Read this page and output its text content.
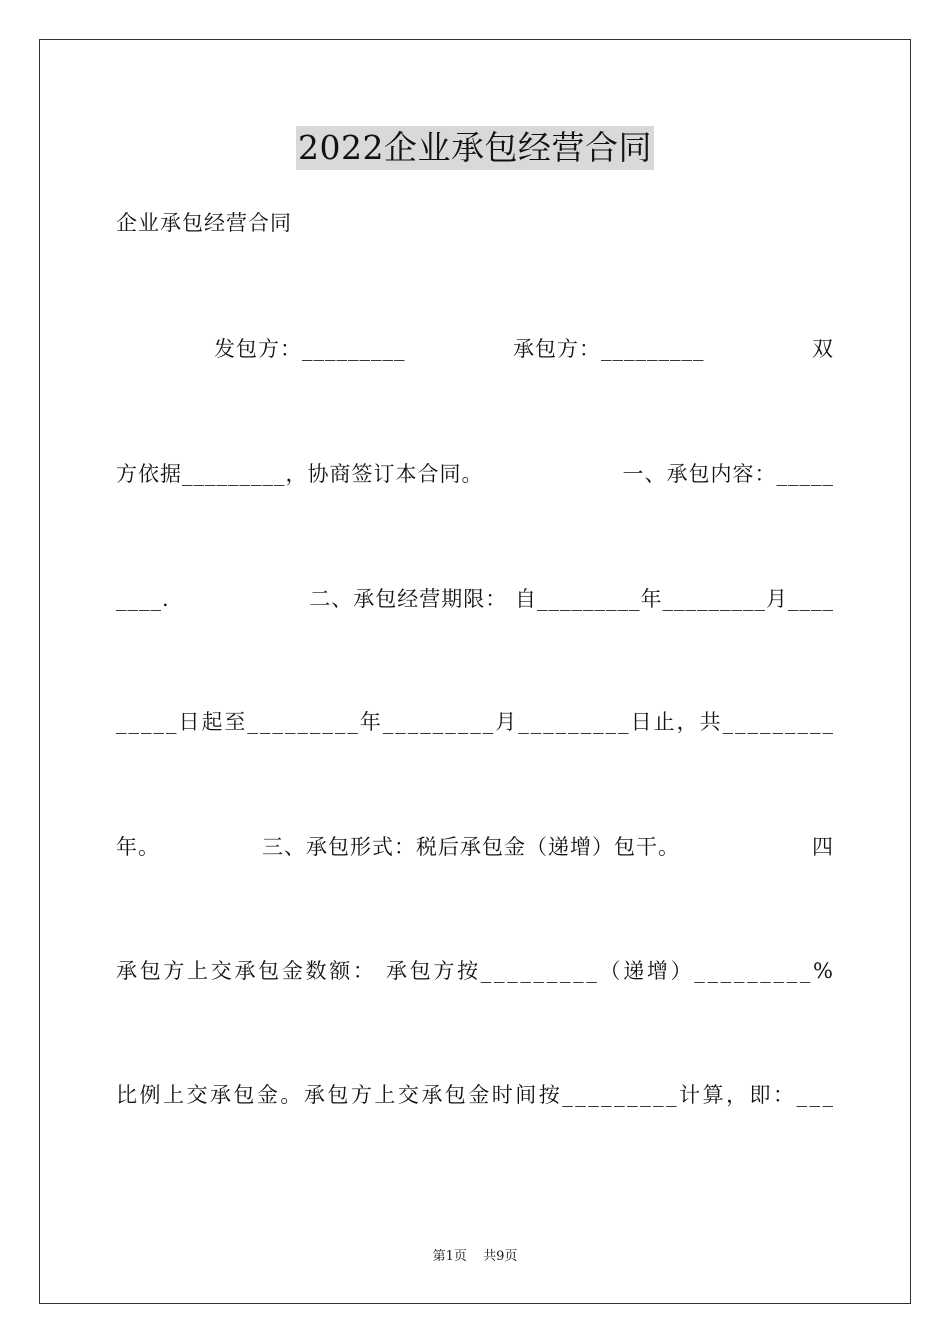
2022企业承包经营合同
企业承包经营合同
发包方：_________	承包方：_________	双
方依据_________，协商签订本合同。	一、承包内容：_____
____.	二、承包经营期限： 自_________年_________月____
_____日起至_________年_________月_________日止，共_________
年。	三、承包形式：税后承包金（递增）包干。	四
承包方上交承包金数额： 承包方按_________（递增）_________%
比例上交承包金。承包方上交承包金时间按_________计算，即：___
第1页 共9页
